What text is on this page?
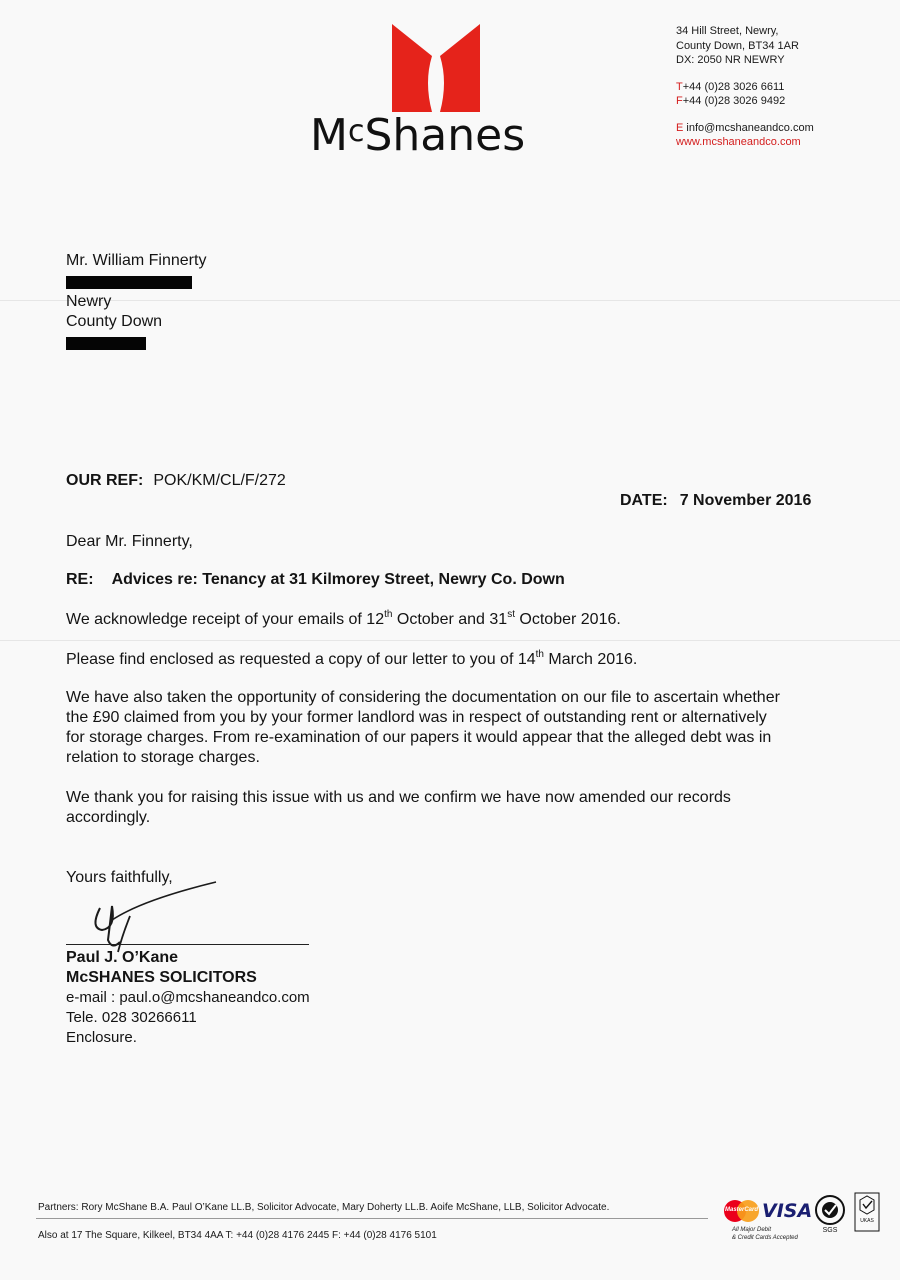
$M^cShanes$
34 Hill Street, Newry,
County Down, BT34 1AR
DX: 2050 NR NEWRY
T+44 (0)28 3026 6611
F+44 (0)28 3026 9492
E info@mcshaneandco.com
www.mcshaneandco.com
Mr. William Finnerty
Newry
County Down
OUR REF: POK/KM/CL/F/272
DATE: 7 November 2016
Dear Mr. Finnerty,
RE: Advices re: Tenancy at 31 Kilmorey Street, Newry Co. Down
We acknowledge receipt of your emails of 12th October and 31st October 2016.
Please find enclosed as requested a copy of our letter to you of 14th March 2016.
We have also taken the opportunity of considering the documentation on our file to ascertain whether the £90 claimed from you by your former landlord was in respect of outstanding rent or alternatively for storage charges. From re-examination of our papers it would appear that the alleged debt was in relation to storage charges.
We thank you for raising this issue with us and we confirm we have now amended our records accordingly.
Yours faithfully,
Paul J. O’Kane
McSHANES SOLICITORS
e-mail : paul.o@mcshaneandco.com
Tele. 028 30266611
Enclosure.
Partners: Rory McShane B.A. Paul O’Kane LL.B, Solicitor Advocate, Mary Doherty LL.B. Aoife McShane, LLB, Solicitor Advocate.
Also at 17 The Square, Kilkeel, BT34 4AA T: +44 (0)28 4176 2445 F: +44 (0)28 4176 5101
MasterCard VISA
All Major Debit
& Credit Cards Accepted
SGS
UKAS
